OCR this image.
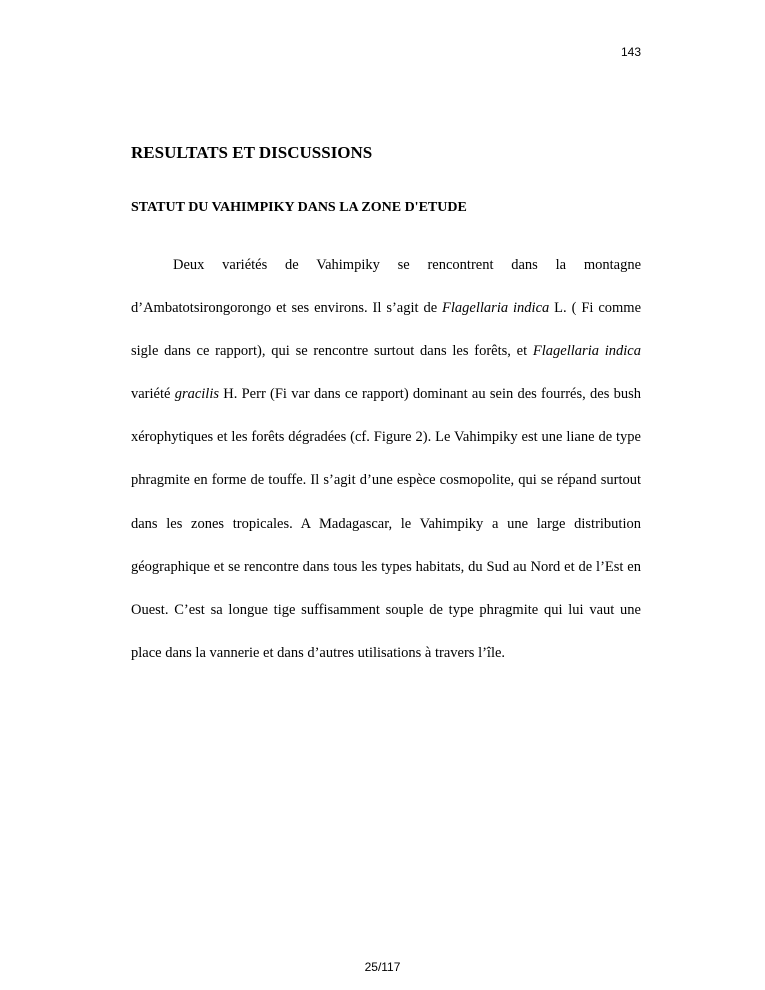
143
RESULTATS ET DISCUSSIONS
STATUT DU VAHIMPIKY DANS LA ZONE D'ETUDE

Deux variétés de Vahimpiky se rencontrent dans la montagne d’Ambatotsirongorongo et ses environs. Il s’agit de Flagellaria indica L. ( Fi comme sigle dans ce rapport), qui se rencontre surtout dans les forêts, et Flagellaria indica variété gracilis H. Perr (Fi var dans ce rapport) dominant au sein des fourrés, des bush xérophytiques et les forêts dégradées (cf. Figure 2). Le Vahimpiky est une liane de type phragmite en forme de touffe. Il s’agit d’une espèce cosmopolite, qui se répand surtout dans les zones tropicales. A Madagascar, le Vahimpiky a une large distribution géographique et se rencontre dans tous les types habitats, du Sud au Nord et de l’Est en Ouest. C’est sa longue tige suffisamment souple de type phragmite qui lui vaut une place dans la vannerie et dans d’autres utilisations à travers l’île.

25/117
